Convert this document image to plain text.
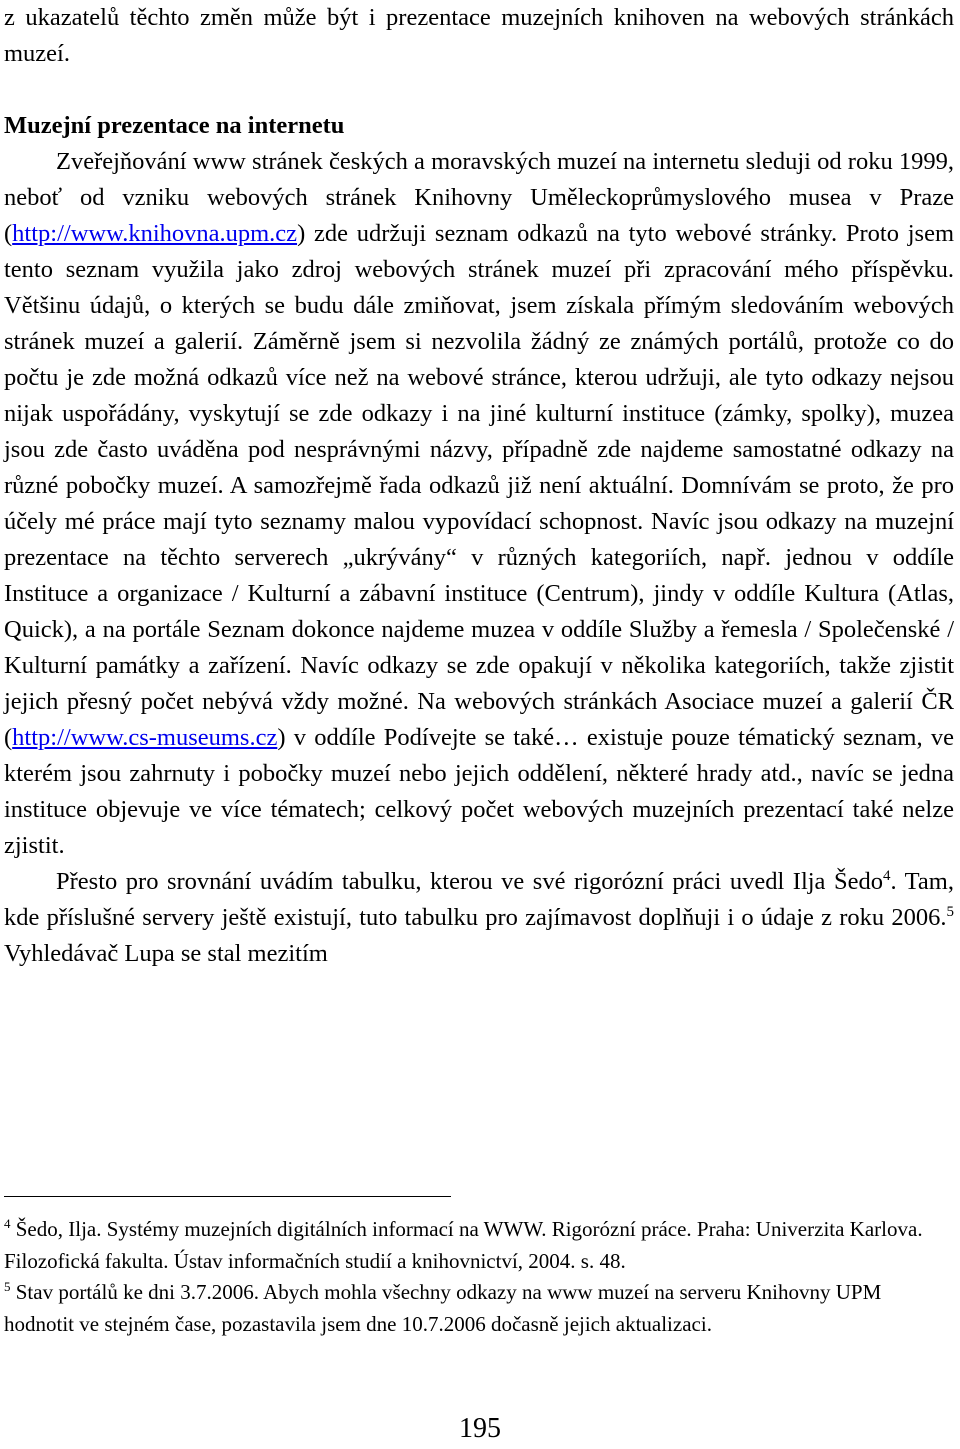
z ukazatelů těchto změn může být i prezentace muzejních knihoven na webových stránkách muzeí.

Muzejní prezentace na internetu

Zveřejňování www stránek českých a moravských muzeí na internetu sleduji od roku 1999, neboť od vzniku webových stránek Knihovny Uměleckoprůmyslového musea v Praze (http://www.knihovna.upm.cz) zde udržuji seznam odkazů na tyto webové stránky. Proto jsem tento seznam využila jako zdroj webových stránek muzeí při zpracování mého příspěvku. Většinu údajů, o kterých se budu dále zmiňovat, jsem získala přímým sledováním webových stránek muzeí a galerií. Záměrně jsem si nezvolila žádný ze známých portálů, protože co do počtu je zde možná odkazů více než na webové stránce, kterou udržuji, ale tyto odkazy nejsou nijak uspořádány, vyskytují se zde odkazy i na jiné kulturní instituce (zámky, spolky), muzea jsou zde často uváděna pod nesprávnými názvy, případně zde najdeme samostatné odkazy na různé pobočky muzeí. A samozřejmě řada odkazů již není aktuální. Domnívám se proto, že pro účely mé práce mají tyto seznamy malou vypovídací schopnost. Navíc jsou odkazy na muzejní prezentace na těchto serverech „ukrývány“ v různých kategoriích, např. jednou v oddíle Instituce a organizace / Kulturní a zábavní instituce (Centrum), jindy v oddíle Kultura (Atlas, Quick), a na portále Seznam dokonce najdeme muzea v oddíle Služby a řemesla / Společenské / Kulturní památky a zařízení. Navíc odkazy se zde opakují v několika kategoriích, takže zjistit jejich přesný počet nebývá vždy možné. Na webových stránkách Asociace muzeí a galerií ČR (http://www.cs-museums.cz) v oddíle Podívejte se také… existuje pouze tématický seznam, ve kterém jsou zahrnuty i pobočky muzeí nebo jejich oddělení, některé hrady atd., navíc se jedna instituce objevuje ve více tématech; celkový počet webových muzejních prezentací také nelze zjistit.

Přesto pro srovnání uvádím tabulku, kterou ve své rigorózní práci uvedl Ilja Šedo$^4$. Tam, kde příslušné servery ještě existují, tuto tabulku pro zajímavost doplňuji i o údaje z roku 2006.$^5$ Vyhledávač Lupa se stal mezitím

$^4$ Šedo, Ilja. Systémy muzejních digitálních informací na WWW. Rigorózní práce. Praha: Univerzita Karlova. Filozofická fakulta. Ústav informačních studií a knihovnictví, 2004. s. 48.

$^5$ Stav portálů ke dni 3.7.2006. Abych mohla všechny odkazy na www muzeí na serveru Knihovny UPM hodnotit ve stejném čase, pozastavila jsem dne 10.7.2006 dočasně jejich aktualizaci.

195
